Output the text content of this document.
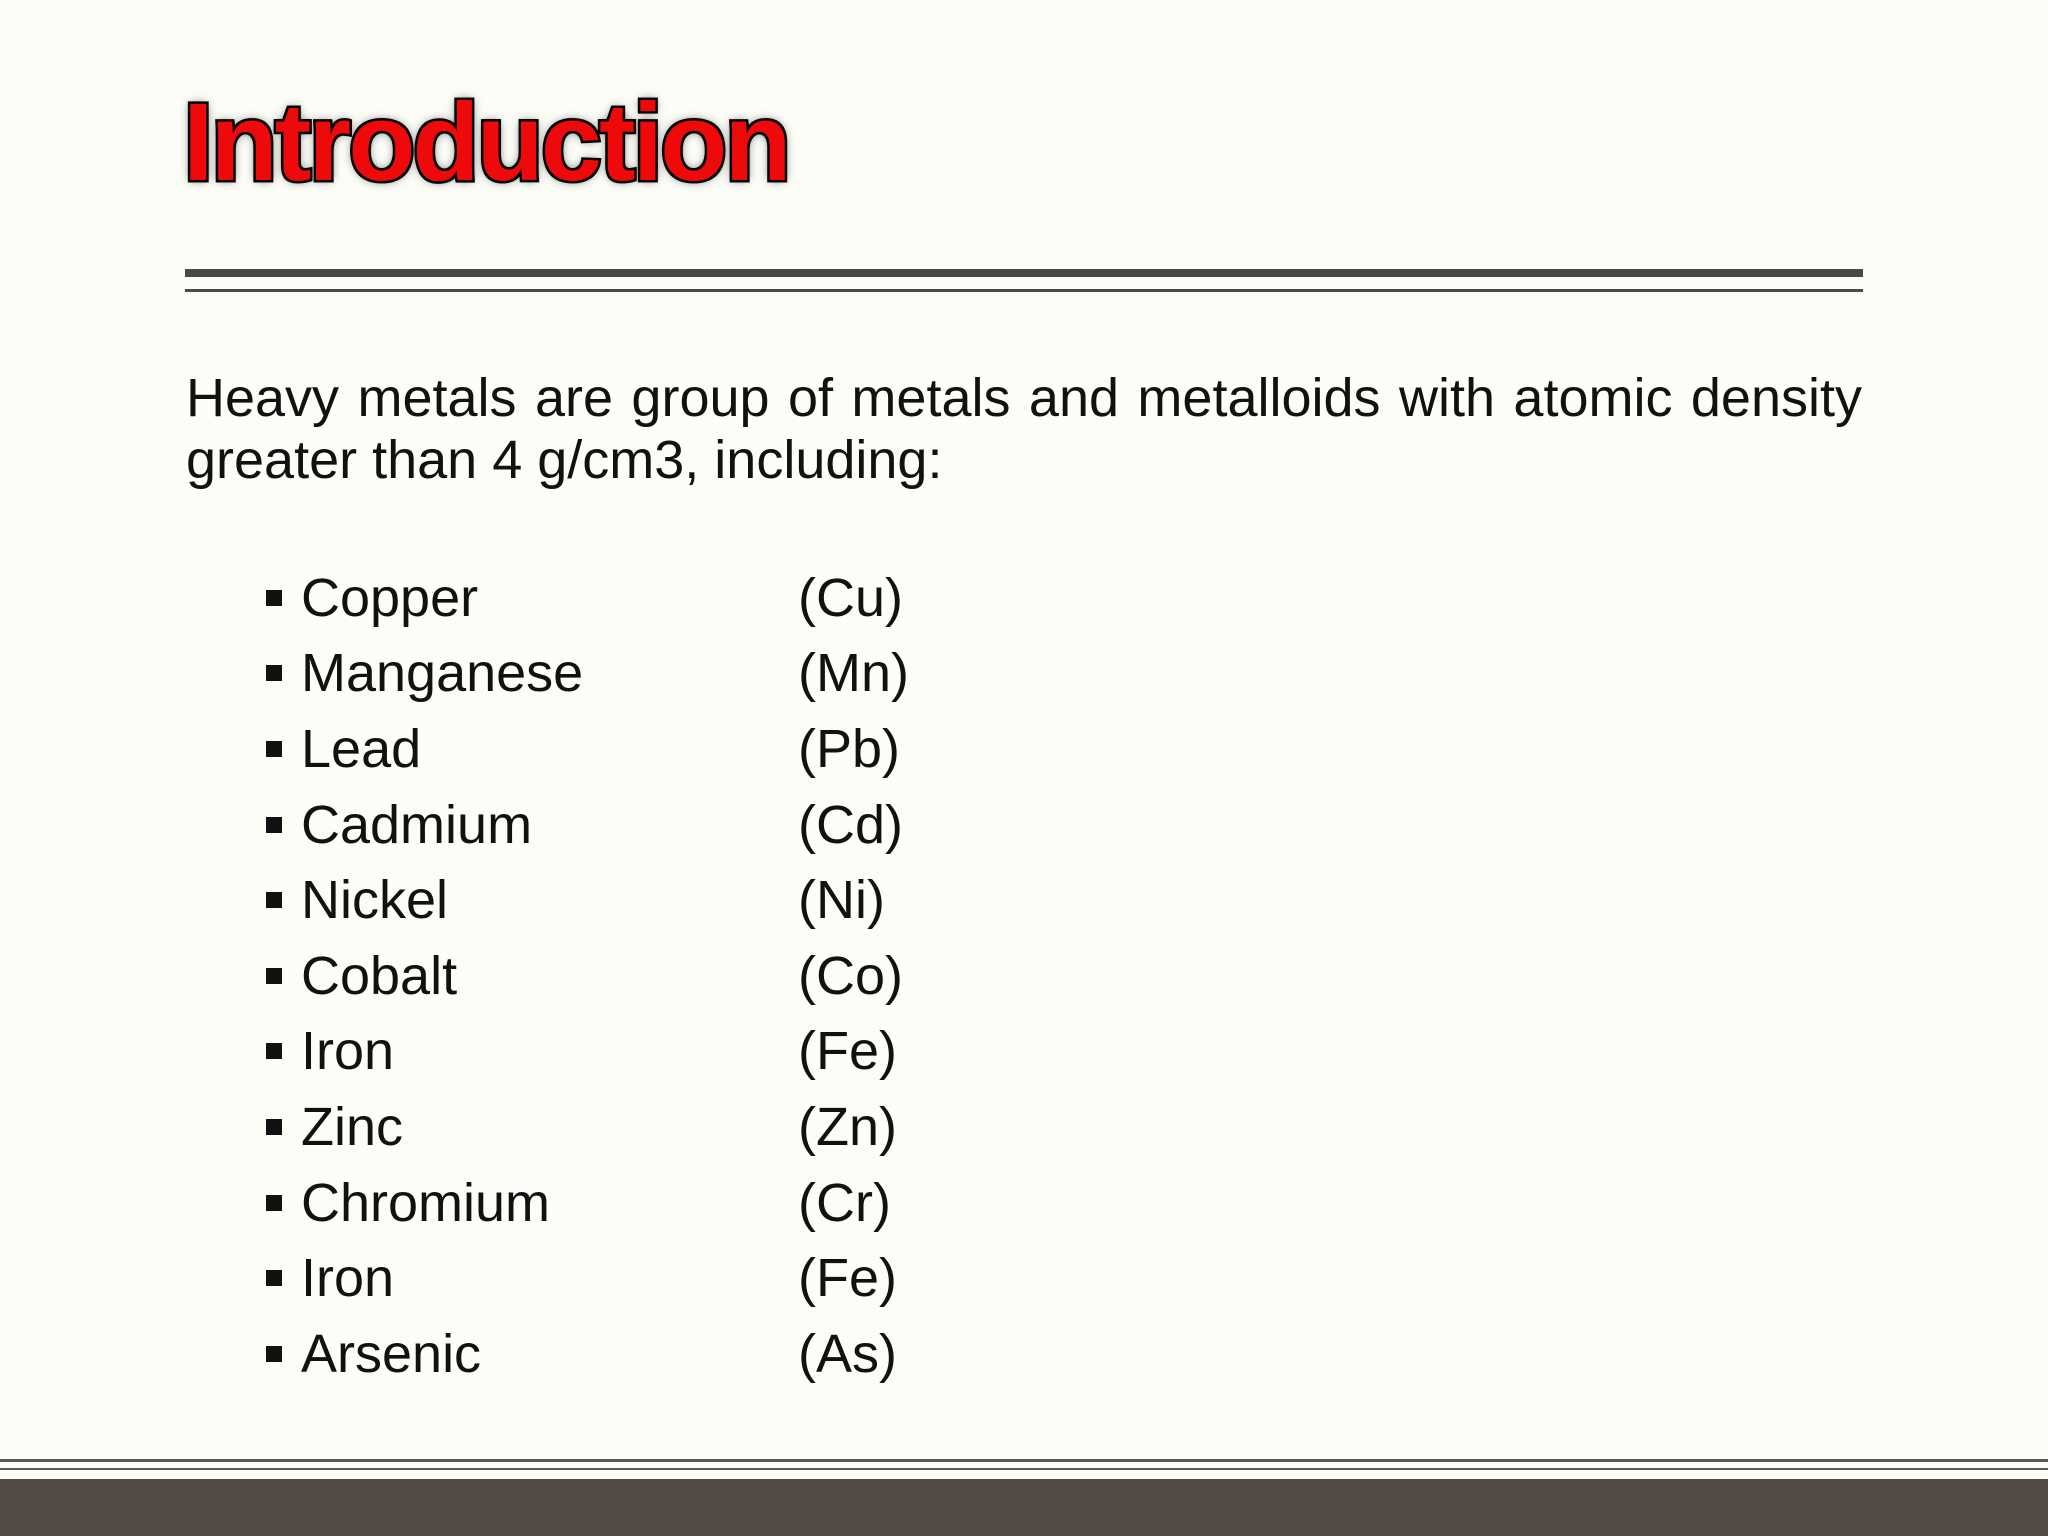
Introduction

Heavy metals are group of metals and metalloids with atomic density greater than 4 g/cm3, including:

Copper	(Cu)
Manganese	(Mn)
Lead	(Pb)
Cadmium	(Cd)
Nickel	(Ni)
Cobalt	(Co)
Iron	(Fe)
Zinc	(Zn)
Chromium	(Cr)
Iron	(Fe)
Arsenic	(As)
